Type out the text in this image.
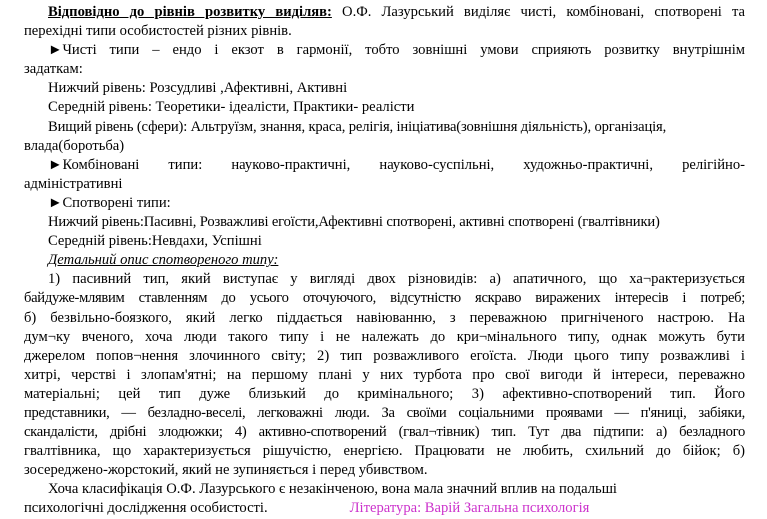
Відповідно до рівнів розвитку виділяв: О.Ф. Лазурський виділяє чисті, комбіновані, спотворені та
перехідні типи особистостей різних рівнів.
►Чисті типи – ендо і екзот в гармонії, тобто зовнішні умови сприяють розвитку внутрішнім
задаткам:
Нижчий рівень: Розсудливі ,Афективні, Активні
Середній рівень: Теоретики- ідеалісти, Практики- реалісти
Вищий рівень (сфери): Альтруїзм, знання, краса, релігія, ініціатива(зовнішня діяльність), організація,
влада(боротьба)
►Комбіновані типи: науково-практичні, науково-суспільні, художньо-практичні, релігійно-
адміністративні
►Спотворені типи:
Нижчий рівень:Пасивні, Розважливі егоїсти,Афективні спотворені, активні спотворені (гвалтівники)
Середній рівень:Невдахи, Успішні
Детальний опис спотвореного типу:
1) пасивний тип, який виступає у вигляді двох різновидів: а) апатичного, що ха¬рактеризується
байдуже-млявим ставленням до усього оточуючого, відсутністю яскраво виражених інтересів і потреб;
б) безвільно-боязкого, який легко піддається навіюванню, з переважною пригніченого настрою. На
дум¬ку вченого, хоча люди такого типу і не належать до кри¬мінального типу, однак можуть бути
джерелом попов¬нення злочинного світу; 2) тип розважливого егоїста. Люди цього типу розважливі і
хитрі, черстві і злопам'ятні; на першому плані у них турбота про свої вигоди й інтереси, переважно
матеріальні; цей тип дуже близький до кримінального; 3) афективно-спотворений тип. Його
представники, — безладно-веселі, легковажні люди. За своїми соціальними проявами — п'яниці, забіяки,
скандалісти, дрібні злодюжки; 4) активно-спотворений (гвал¬тівник) тип. Тут два підтипи: а) безладного
гвалтівника, що характеризується рішучістю, енергією. Працювати не любить, схильний до бійок; б)
зосереджено-жорстокий, який не зупиняється і перед убивством.
Хоча класифікація О.Ф. Лазурського є незакінченою, вона мала значний вплив на подальші
психологічні дослідження особистості.	Література: Варій Загальна психологія
